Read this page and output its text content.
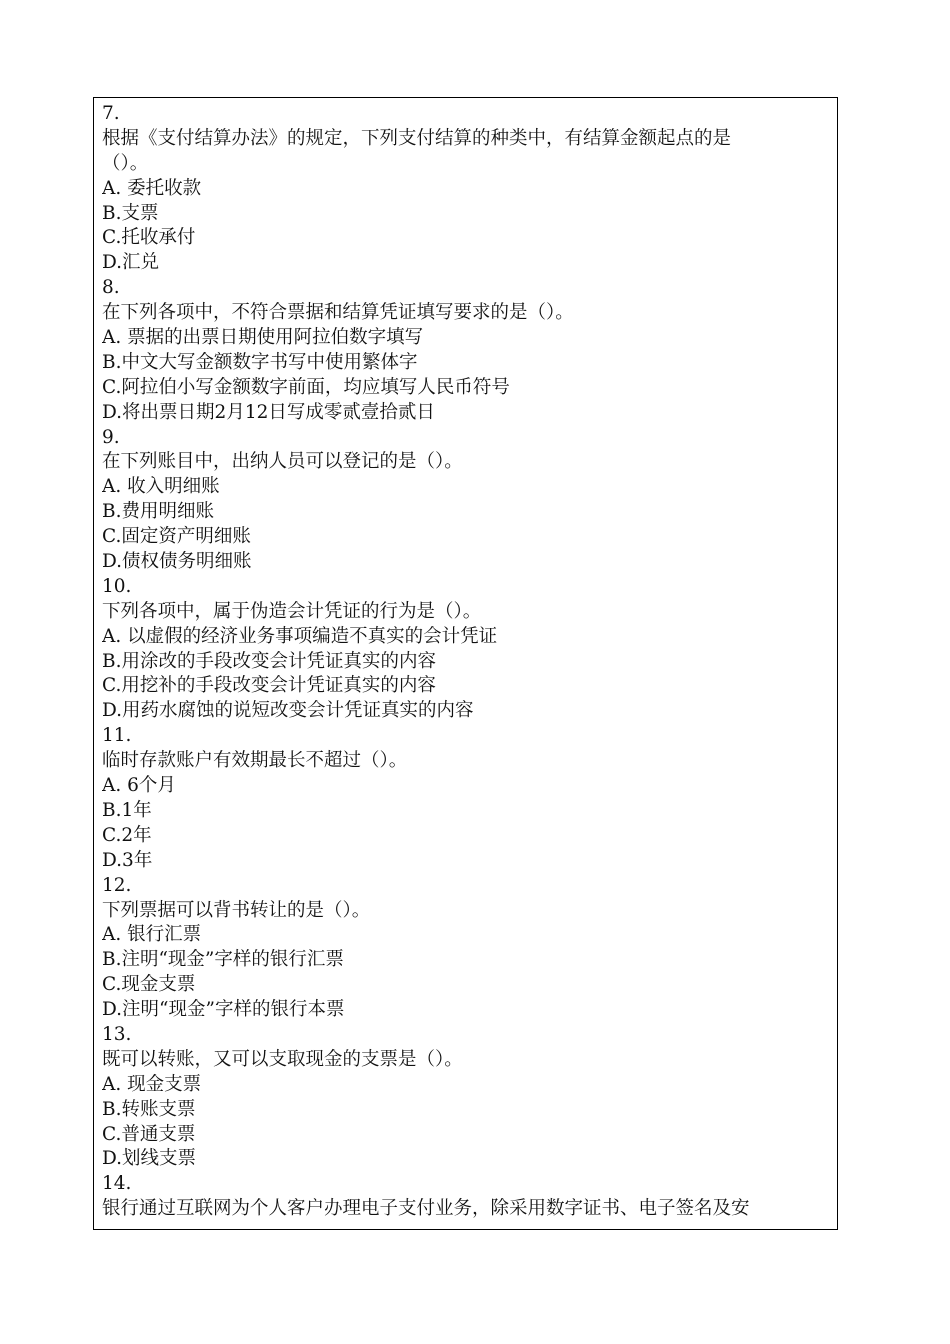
7.
根据《支付结算办法》的规定，下列支付结算的种类中，有结算金额起点的是
（）。
A. 委托收款
B.支票
C.托收承付
D.汇兑
8.
在下列各项中，不符合票据和结算凭证填写要求的是（）。
A. 票据的出票日期使用阿拉伯数字填写
B.中文大写金额数字书写中使用繁体字
C.阿拉伯小写金额数字前面，均应填写人民币符号
D.将出票日期2月12日写成零贰壹拾贰日
9.
在下列账目中，出纳人员可以登记的是（）。
A. 收入明细账
B.费用明细账
C.固定资产明细账
D.债权债务明细账
10.
下列各项中，属于伪造会计凭证的行为是（）。
A. 以虚假的经济业务事项编造不真实的会计凭证
B.用涂改的手段改变会计凭证真实的内容
C.用挖补的手段改变会计凭证真实的内容
D.用药水腐蚀的说短改变会计凭证真实的内容
11.
临时存款账户有效期最长不超过（）。
A. 6个月
B.1年
C.2年
D.3年
12.
下列票据可以背书转让的是（）。
A. 银行汇票
B.注明“现金”字样的银行汇票
C.现金支票
D.注明“现金”字样的银行本票
13.
既可以转账，又可以支取现金的支票是（）。
A. 现金支票
B.转账支票
C.普通支票
D.划线支票
14.
银行通过互联网为个人客户办理电子支付业务，除采用数字证书、电子签名及安
